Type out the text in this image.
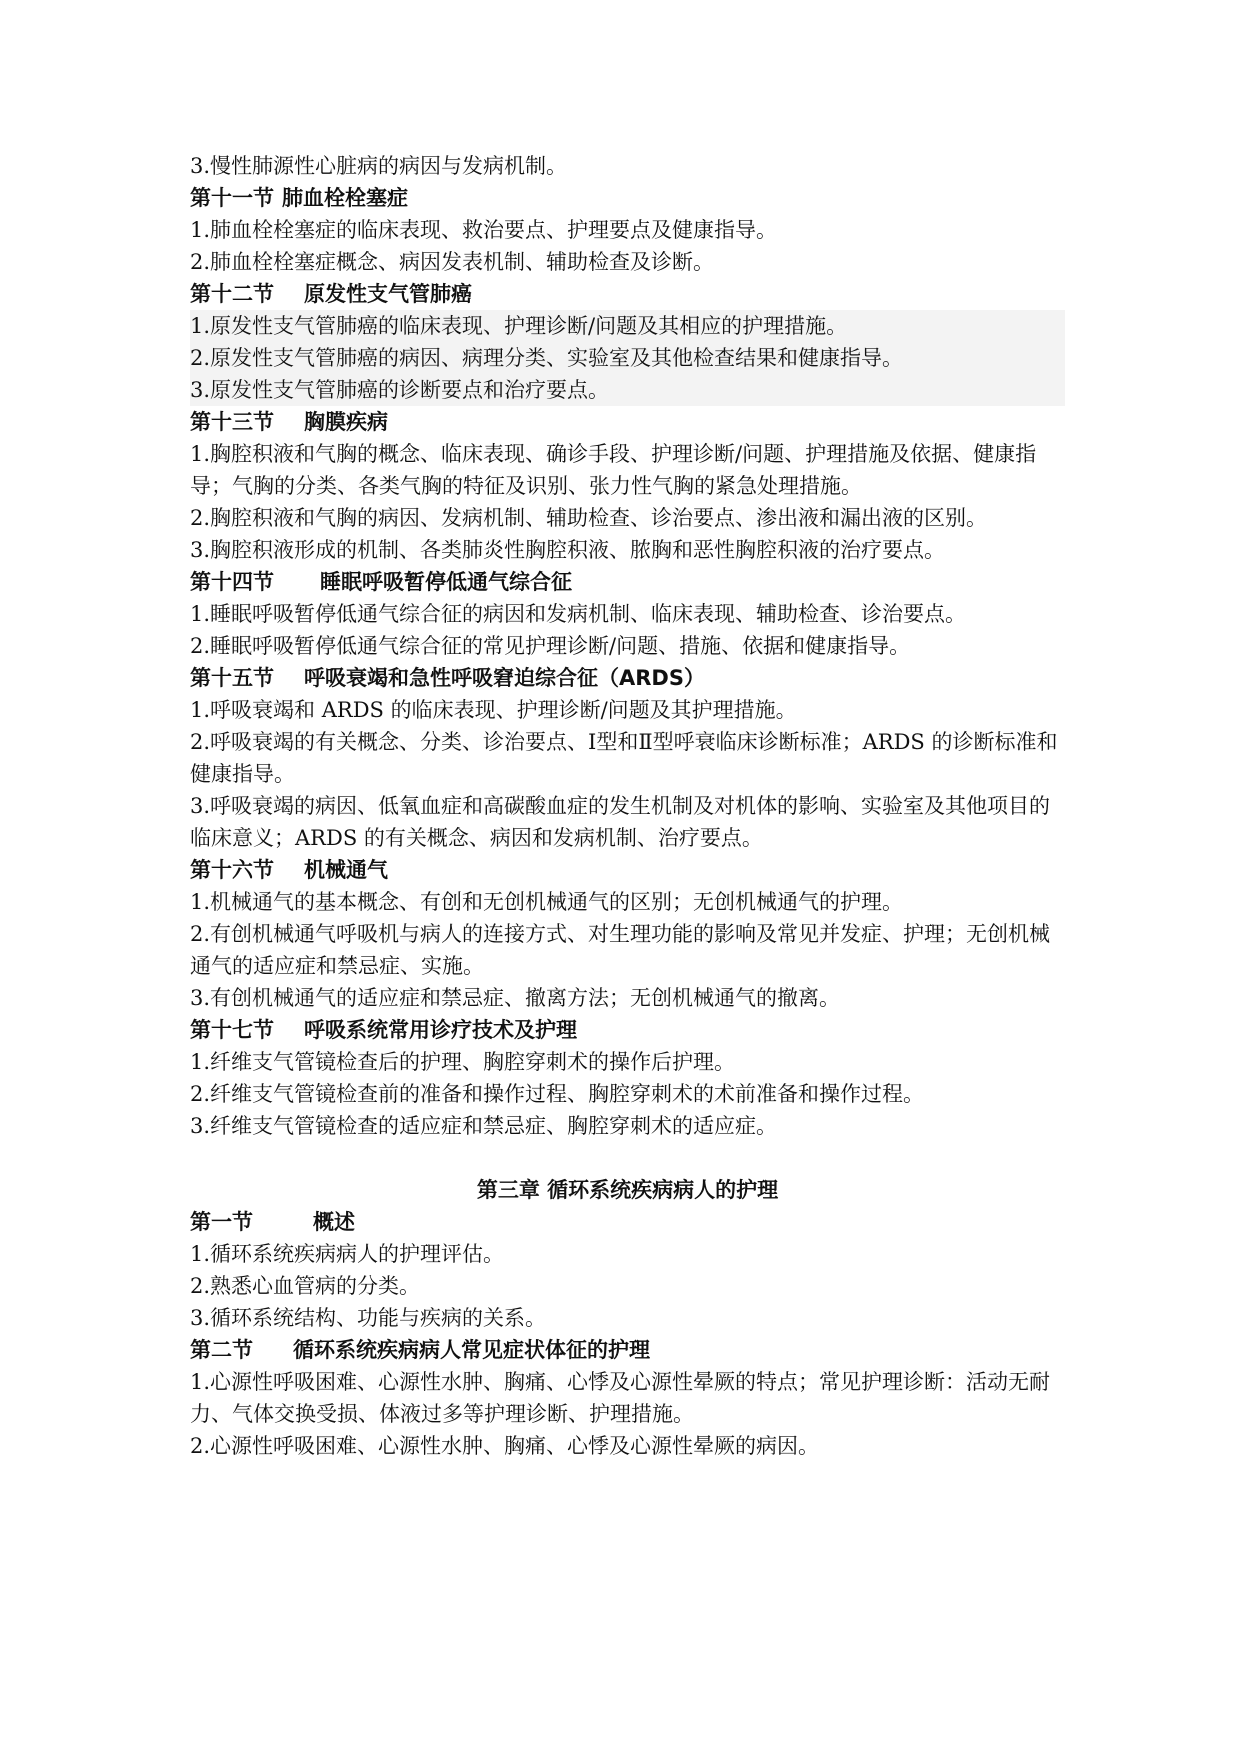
3.慢性肺源性心脏病的病因与发病机制。

第十一节 肺血栓栓塞症

1.肺血栓栓塞症的临床表现、救治要点、护理要点及健康指导。

2.肺血栓栓塞症概念、病因发表机制、辅助检查及诊断。

第十二节 原发性支气管肺癌

1.原发性支气管肺癌的临床表现、护理诊断/问题及其相应的护理措施。

2.原发性支气管肺癌的病因、病理分类、实验室及其他检查结果和健康指导。

3.原发性支气管肺癌的诊断要点和治疗要点。

第十三节 胸膜疾病

1.胸腔积液和气胸的概念、临床表现、确诊手段、护理诊断/问题、护理措施及依据、健康指导；气胸的分类、各类气胸的特征及识别、张力性气胸的紧急处理措施。

2.胸腔积液和气胸的病因、发病机制、辅助检查、诊治要点、渗出液和漏出液的区别。

3.胸腔积液形成的机制、各类肺炎性胸腔积液、脓胸和恶性胸腔积液的治疗要点。

第十四节 睡眠呼吸暂停低通气综合征

1.睡眠呼吸暂停低通气综合征的病因和发病机制、临床表现、辅助检查、诊治要点。

2.睡眠呼吸暂停低通气综合征的常见护理诊断/问题、措施、依据和健康指导。

第十五节 呼吸衰竭和急性呼吸窘迫综合征（ARDS）

1.呼吸衰竭和 ARDS 的临床表现、护理诊断/问题及其护理措施。

2.呼吸衰竭的有关概念、分类、诊治要点、Ⅰ型和Ⅱ型呼衰临床诊断标准；ARDS 的诊断标准和健康指导。

3.呼吸衰竭的病因、低氧血症和高碳酸血症的发生机制及对机体的影响、实验室及其他项目的临床意义；ARDS 的有关概念、病因和发病机制、治疗要点。

第十六节 机械通气

1.机械通气的基本概念、有创和无创机械通气的区别；无创机械通气的护理。

2.有创机械通气呼吸机与病人的连接方式、对生理功能的影响及常见并发症、护理；无创机械通气的适应症和禁忌症、实施。

3.有创机械通气的适应症和禁忌症、撤离方法；无创机械通气的撤离。

第十七节 呼吸系统常用诊疗技术及护理

1.纤维支气管镜检查后的护理、胸腔穿刺术的操作后护理。

2.纤维支气管镜检查前的准备和操作过程、胸腔穿刺术的术前准备和操作过程。

3.纤维支气管镜检查的适应症和禁忌症、胸腔穿刺术的适应症。

第三章 循环系统疾病病人的护理
第一节	概述

1.循环系统疾病病人的护理评估。

2.熟悉心血管病的分类。

3.循环系统结构、功能与疾病的关系。

第二节 循环系统疾病病人常见症状体征的护理

1.心源性呼吸困难、心源性水肿、胸痛、心悸及心源性晕厥的特点；常见护理诊断：活动无耐力、气体交换受损、体液过多等护理诊断、护理措施。

2.心源性呼吸困难、心源性水肿、胸痛、心悸及心源性晕厥的病因。
